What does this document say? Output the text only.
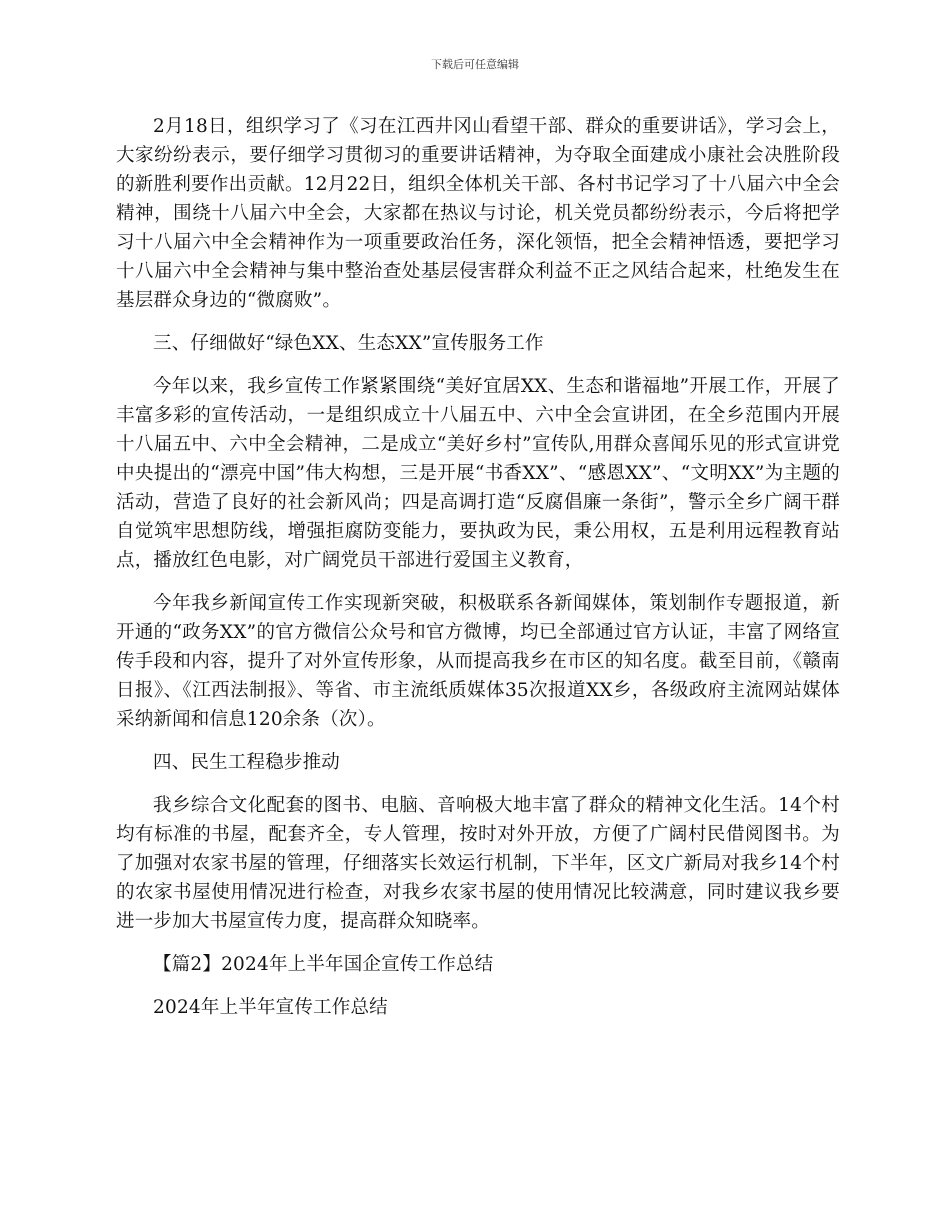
下载后可任意编辑

2月18日，组织学习了《习在江西井冈山看望干部、群众的重要讲话》，学习会上，大家纷纷表示，要仔细学习贯彻习的重要讲话精神，为夺取全面建成小康社会决胜阶段的新胜利要作出贡献。12月22日，组织全体机关干部、各村书记学习了十八届六中全会精神，围绕十八届六中全会，大家都在热议与讨论，机关党员都纷纷表示，今后将把学习十八届六中全会精神作为一项重要政治任务，深化领悟，把全会精神悟透，要把学习十八届六中全会精神与集中整治查处基层侵害群众利益不正之风结合起来，杜绝发生在基层群众身边的“微腐败”。

三、仔细做好“绿色XX、生态XX”宣传服务工作

今年以来，我乡宣传工作紧紧围绕“美好宜居XX、生态和谐福地”开展工作，开展了丰富多彩的宣传活动，一是组织成立十八届五中、六中全会宣讲团，在全乡范围内开展十八届五中、六中全会精神，二是成立“美好乡村”宣传队,用群众喜闻乐见的形式宣讲党中央提出的“漂亮中国”伟大构想，三是开展“书香XX”、“感恩XX”、“文明XX”为主题的活动，营造了良好的社会新风尚；四是高调打造“反腐倡廉一条街”，警示全乡广阔干群自觉筑牢思想防线，增强拒腐防变能力，要执政为民，秉公用权，五是利用远程教育站点，播放红色电影，对广阔党员干部进行爱国主义教育，

今年我乡新闻宣传工作实现新突破，积极联系各新闻媒体，策划制作专题报道，新开通的“政务XX”的官方微信公众号和官方微博，均已全部通过官方认证，丰富了网络宣传手段和内容，提升了对外宣传形象，从而提高我乡在市区的知名度。截至目前，《赣南日报》、《江西法制报》、等省、市主流纸质媒体35次报道XX乡，各级政府主流网站媒体采纳新闻和信息120余条（次）。

四、民生工程稳步推动

我乡综合文化配套的图书、电脑、音响极大地丰富了群众的精神文化生活。14个村均有标准的书屋，配套齐全，专人管理，按时对外开放，方便了广阔村民借阅图书。为了加强对农家书屋的管理，仔细落实长效运行机制，下半年，区文广新局对我乡14个村的农家书屋使用情况进行检查，对我乡农家书屋的使用情况比较满意，同时建议我乡要进一步加大书屋宣传力度，提高群众知晓率。

【篇2】2024年上半年国企宣传工作总结

2024年上半年宣传工作总结
